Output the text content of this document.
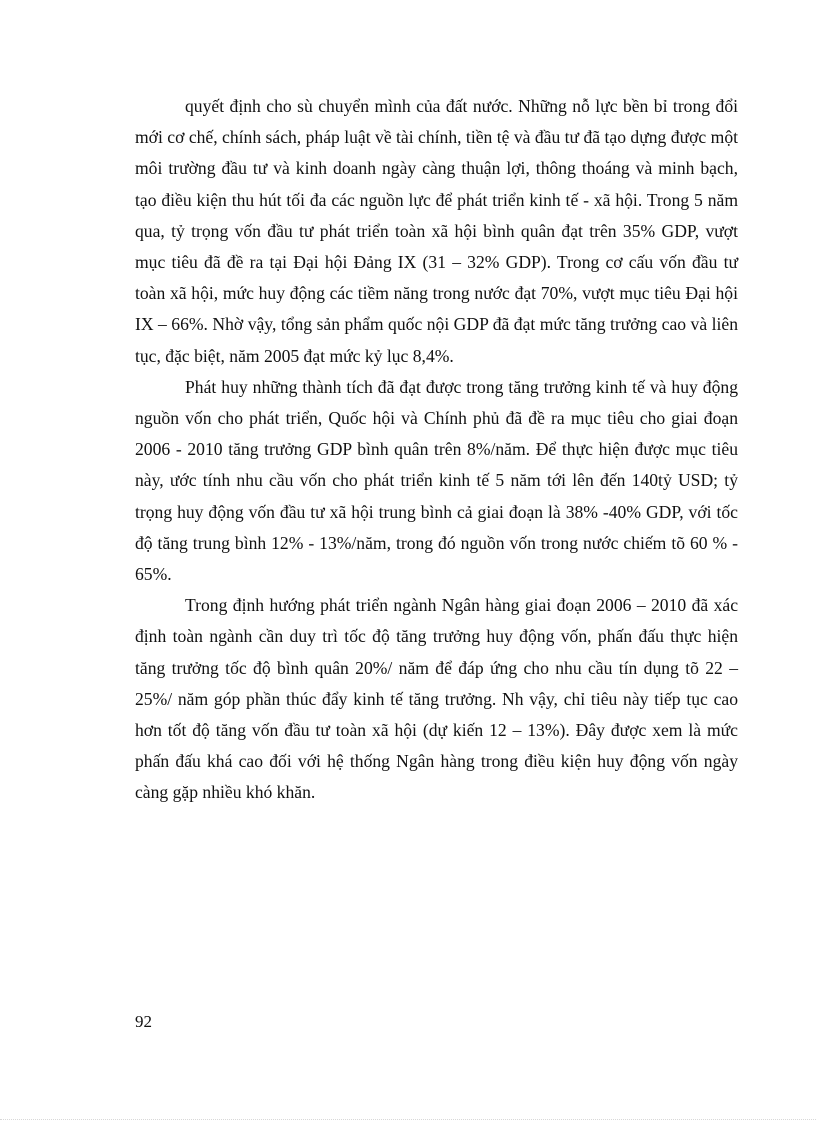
quyết định cho sù chuyển mình của đất nước. Những nỗ lực bền bỉ trong đổi mới cơ chế, chính sách, pháp luật về tài chính, tiền tệ và đầu tư đã tạo dựng được một môi trường đầu tư và kinh doanh ngày càng thuận lợi, thông thoáng và minh bạch, tạo điều kiện thu hút tối đa các nguồn lực để phát triển kinh tế - xã hội. Trong 5 năm qua, tỷ trọng vốn đầu tư phát triển toàn xã hội bình quân đạt trên 35% GDP, vượt mục tiêu đã đề ra tại Đại hội Đảng IX (31 – 32% GDP). Trong cơ cấu vốn đầu tư toàn xã hội, mức huy động các tiềm năng trong nước đạt 70%, vượt mục tiêu Đại hội IX – 66%. Nhờ vậy, tổng sản phẩm quốc nội GDP đã đạt mức tăng trưởng cao và liên tục, đặc biệt, năm 2005 đạt mức kỷ lục 8,4%.

Phát huy những thành tích đã đạt được trong tăng trưởng kinh tế và huy động nguồn vốn cho phát triển, Quốc hội và Chính phủ đã đề ra mục tiêu cho giai đoạn 2006 - 2010 tăng trưởng GDP bình quân trên 8%/năm. Để thực hiện được mục tiêu này, ước tính nhu cầu vốn cho phát triển kinh tế 5 năm tới lên đến 140tỷ USD; tỷ trọng huy động vốn đầu tư xã hội trung bình cả giai đoạn là 38% -40% GDP, với tốc độ tăng trung bình 12% - 13%/năm, trong đó nguồn vốn trong nước chiếm tõ 60 % - 65%.

Trong định hướng phát triển ngành Ngân hàng giai đoạn 2006 – 2010 đã xác định toàn ngành cần duy trì tốc độ tăng trưởng huy động vốn, phấn đấu thực hiện tăng trưởng tốc độ bình quân 20%/ năm để đáp ứng cho nhu cầu tín dụng tõ 22 – 25%/ năm góp phần thúc đẩy kinh tế tăng trưởng. Nh vậy, chỉ tiêu này tiếp tục cao hơn tốt độ tăng vốn đầu tư toàn xã hội (dự kiến 12 – 13%). Đây được xem là mức phấn đấu khá cao đối với hệ thống Ngân hàng trong điều kiện huy động vốn ngày càng gặp nhiều khó khăn.

92
